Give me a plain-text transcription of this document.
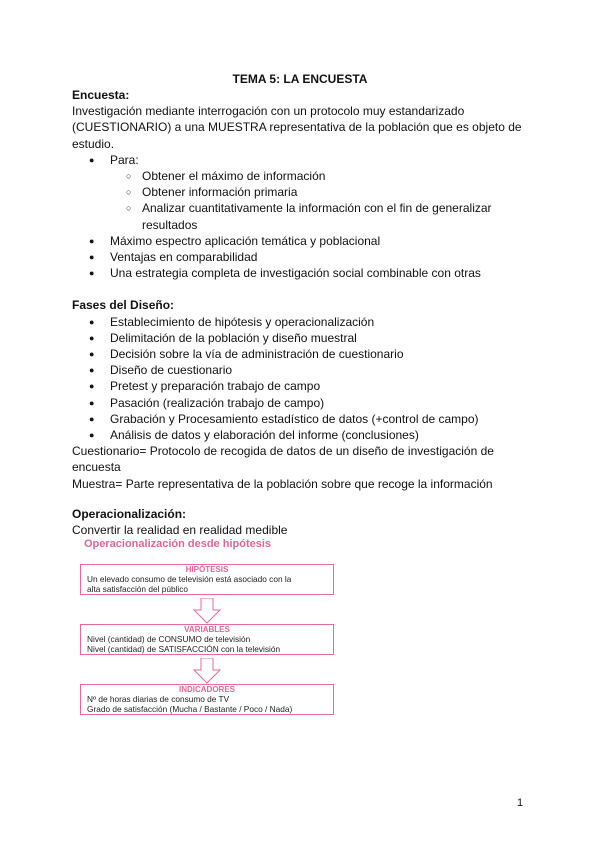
TEMA 5: LA ENCUESTA

Encuesta:

Investigación mediante interrogación con un protocolo muy estandarizado (CUESTIONARIO) a una MUESTRA representativa de la población que es objeto de estudio.

● Para:
○ Obtener el máximo de información
○ Obtener información primaria
○ Analizar cuantitativamente la información con el fin de generalizar resultados
● Máximo espectro aplicación temática y poblacional
● Ventajas en comparabilidad
● Una estrategia completa de investigación social combinable con otras

Fases del Diseño:

● Establecimiento de hipótesis y operacionalización
● Delimitación de la población y diseño muestral
● Decisión sobre la vía de administración de cuestionario
● Diseño de cuestionario
● Pretest y preparación trabajo de campo
● Pasación (realización trabajo de campo)
● Grabación y Procesamiento estadístico de datos (+control de campo)
● Análisis de datos y elaboración del informe (conclusiones)

Cuestionario= Protocolo de recogida de datos de un diseño de investigación de encuesta

Muestra= Parte representativa de la población sobre que recoge la información

Operacionalización:

Convertir la realidad en realidad medible

Operacionalización desde hipótesis
HIPÓTESIS
Un elevado consumo de televisión está asociado con la
alta satisfacción del público
VARIABLES
Nivel (cantidad) de CONSUMO de televisión
Nivel (cantidad) de SATISFACCIÓN con la televisión
INDICADORES
Nº de horas diarias de consumo de TV
Grado de satisfacción (Mucha / Bastante / Poco / Nada)
1
